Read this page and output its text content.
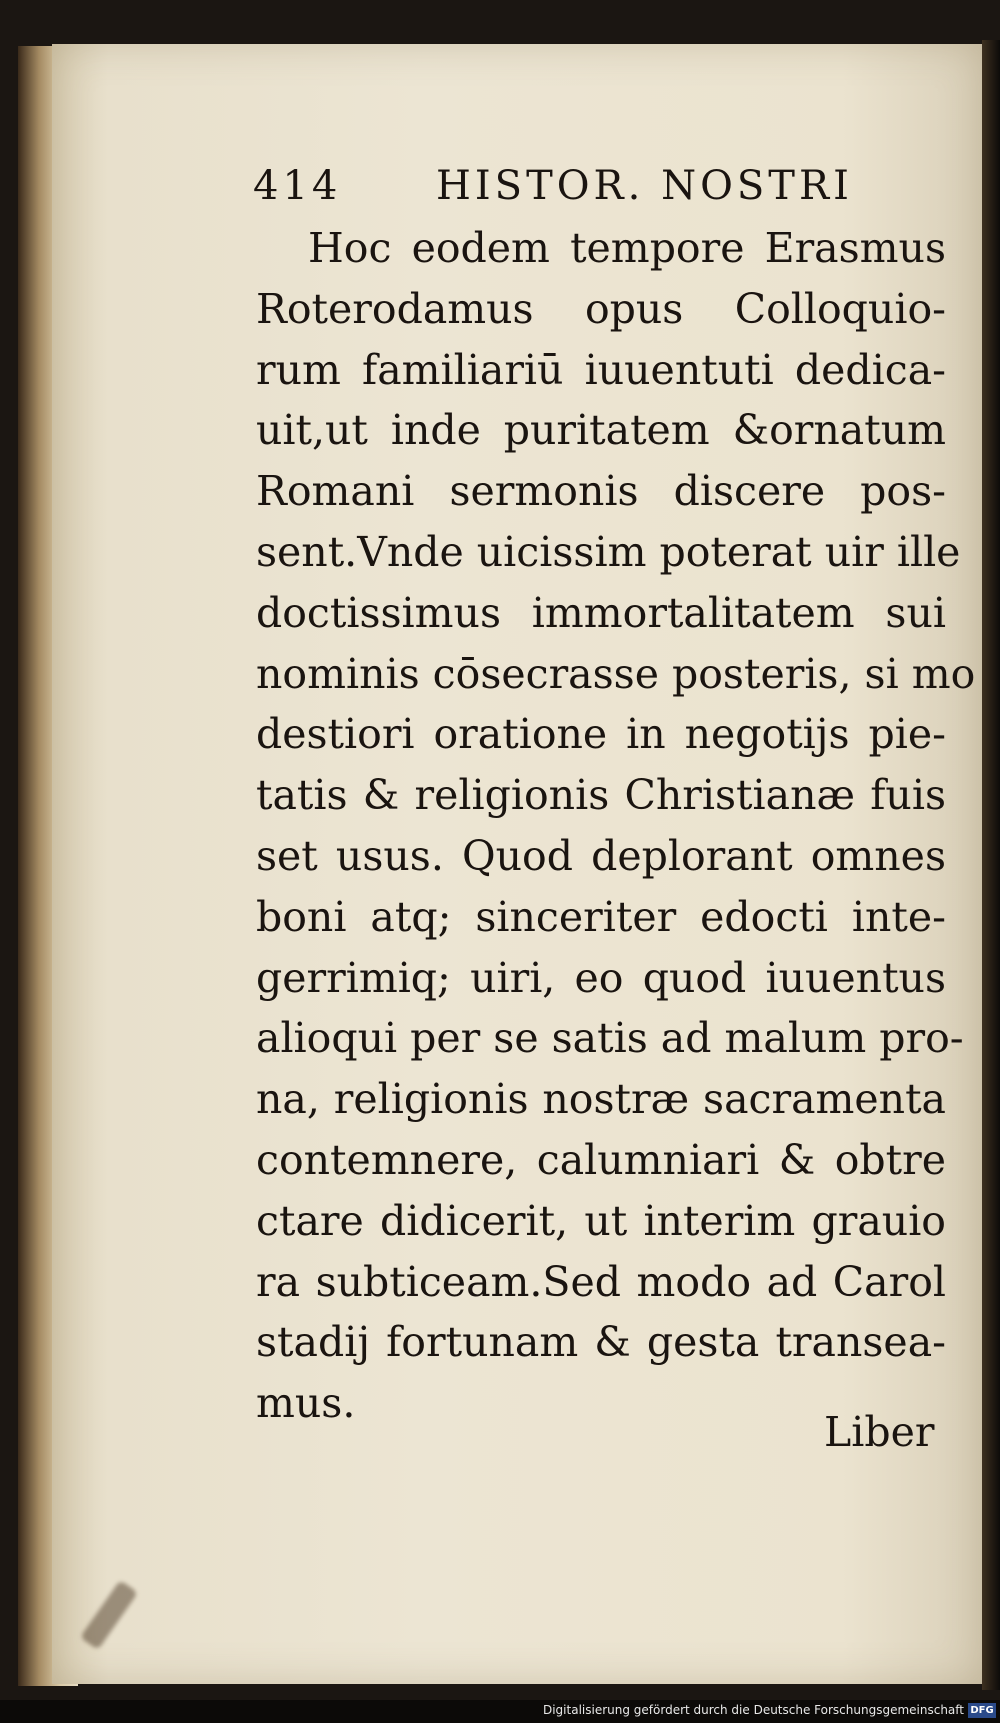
414 HISTOR. NOSTRI
Hoc eodem tempore Erasmus
Roterodamus opus Colloquio-
rum familiariū iuuentuti dedica-
uit,ut inde puritatem &ornatum
Romani sermonis discere pos-
sent.Vnde uicissim poterat uir ille
doctissimus immortalitatem sui
nominis cōsecrasse posteris, si mo
destiori oratione in negotijs pie-
tatis & religionis Christianæ fuis
set usus. Quod deplorant omnes
boni atq; sinceriter edocti inte-
gerrimiq; uiri, eo quod iuuentus
alioqui per se satis ad malum pro-
na, religionis nostræ sacramenta
contemnere, calumniari & obtre
ctare didicerit, ut interim grauio
ra subticeam.Sed modo ad Carol
stadij fortunam & gesta transea-
mus.
Liber
Digitalisierung gefördert durch die Deutsche Forschungsgemeinschaft DFG
